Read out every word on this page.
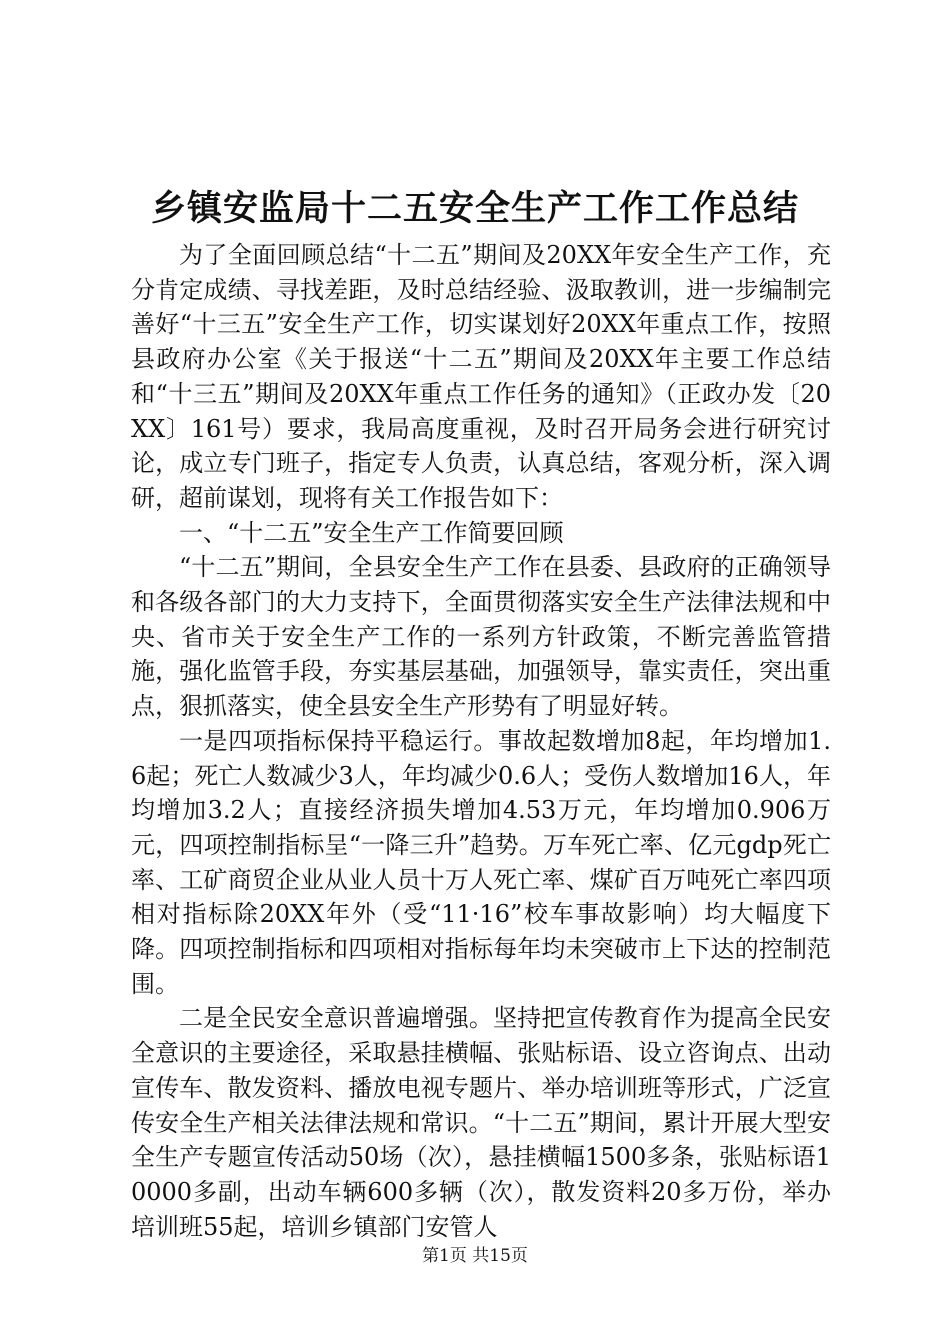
乡镇安监局十二五安全生产工作工作总结

为了全面回顾总结“十二五”期间及20XX年安全生产工作，充分肯定成绩、寻找差距，及时总结经验、汲取教训，进一步编制完善好“十三五”安全生产工作，切实谋划好20XX年重点工作，按照县政府办公室《关于报送“十二五”期间及20XX年主要工作总结和“十三五”期间及20XX年重点工作任务的通知》（正政办发〔20XX〕161号）要求，我局高度重视，及时召开局务会进行研究讨论，成立专门班子，指定专人负责，认真总结，客观分析，深入调研，超前谋划，现将有关工作报告如下：

一、“十二五”安全生产工作简要回顾

“十二五”期间，全县安全生产工作在县委、县政府的正确领导和各级各部门的大力支持下，全面贯彻落实安全生产法律法规和中央、省市关于安全生产工作的一系列方针政策，不断完善监管措施，强化监管手段，夯实基层基础，加强领导，靠实责任，突出重点，狠抓落实，使全县安全生产形势有了明显好转。

一是四项指标保持平稳运行。事故起数增加8起，年均增加1.6起；死亡人数减少3人，年均减少0.6人；受伤人数增加16人，年均增加3.2人；直接经济损失增加4.53万元，年均增加0.906万元，四项控制指标呈“一降三升”趋势。万车死亡率、亿元gdp死亡率、工矿商贸企业从业人员十万人死亡率、煤矿百万吨死亡率四项相对指标除20XX年外（受“11·16”校车事故影响）均大幅度下降。四项控制指标和四项相对指标每年均未突破市上下达的控制范围。

二是全民安全意识普遍增强。坚持把宣传教育作为提高全民安全意识的主要途径，采取悬挂横幅、张贴标语、设立咨询点、出动宣传车、散发资料、播放电视专题片、举办培训班等形式，广泛宣传安全生产相关法律法规和常识。“十二五”期间，累计开展大型安全生产专题宣传活动50场（次），悬挂横幅1500多条，张贴标语10000多副，出动车辆600多辆（次），散发资料20多万份，举办培训班55起，培训乡镇部门安管人

第1页 共15页
